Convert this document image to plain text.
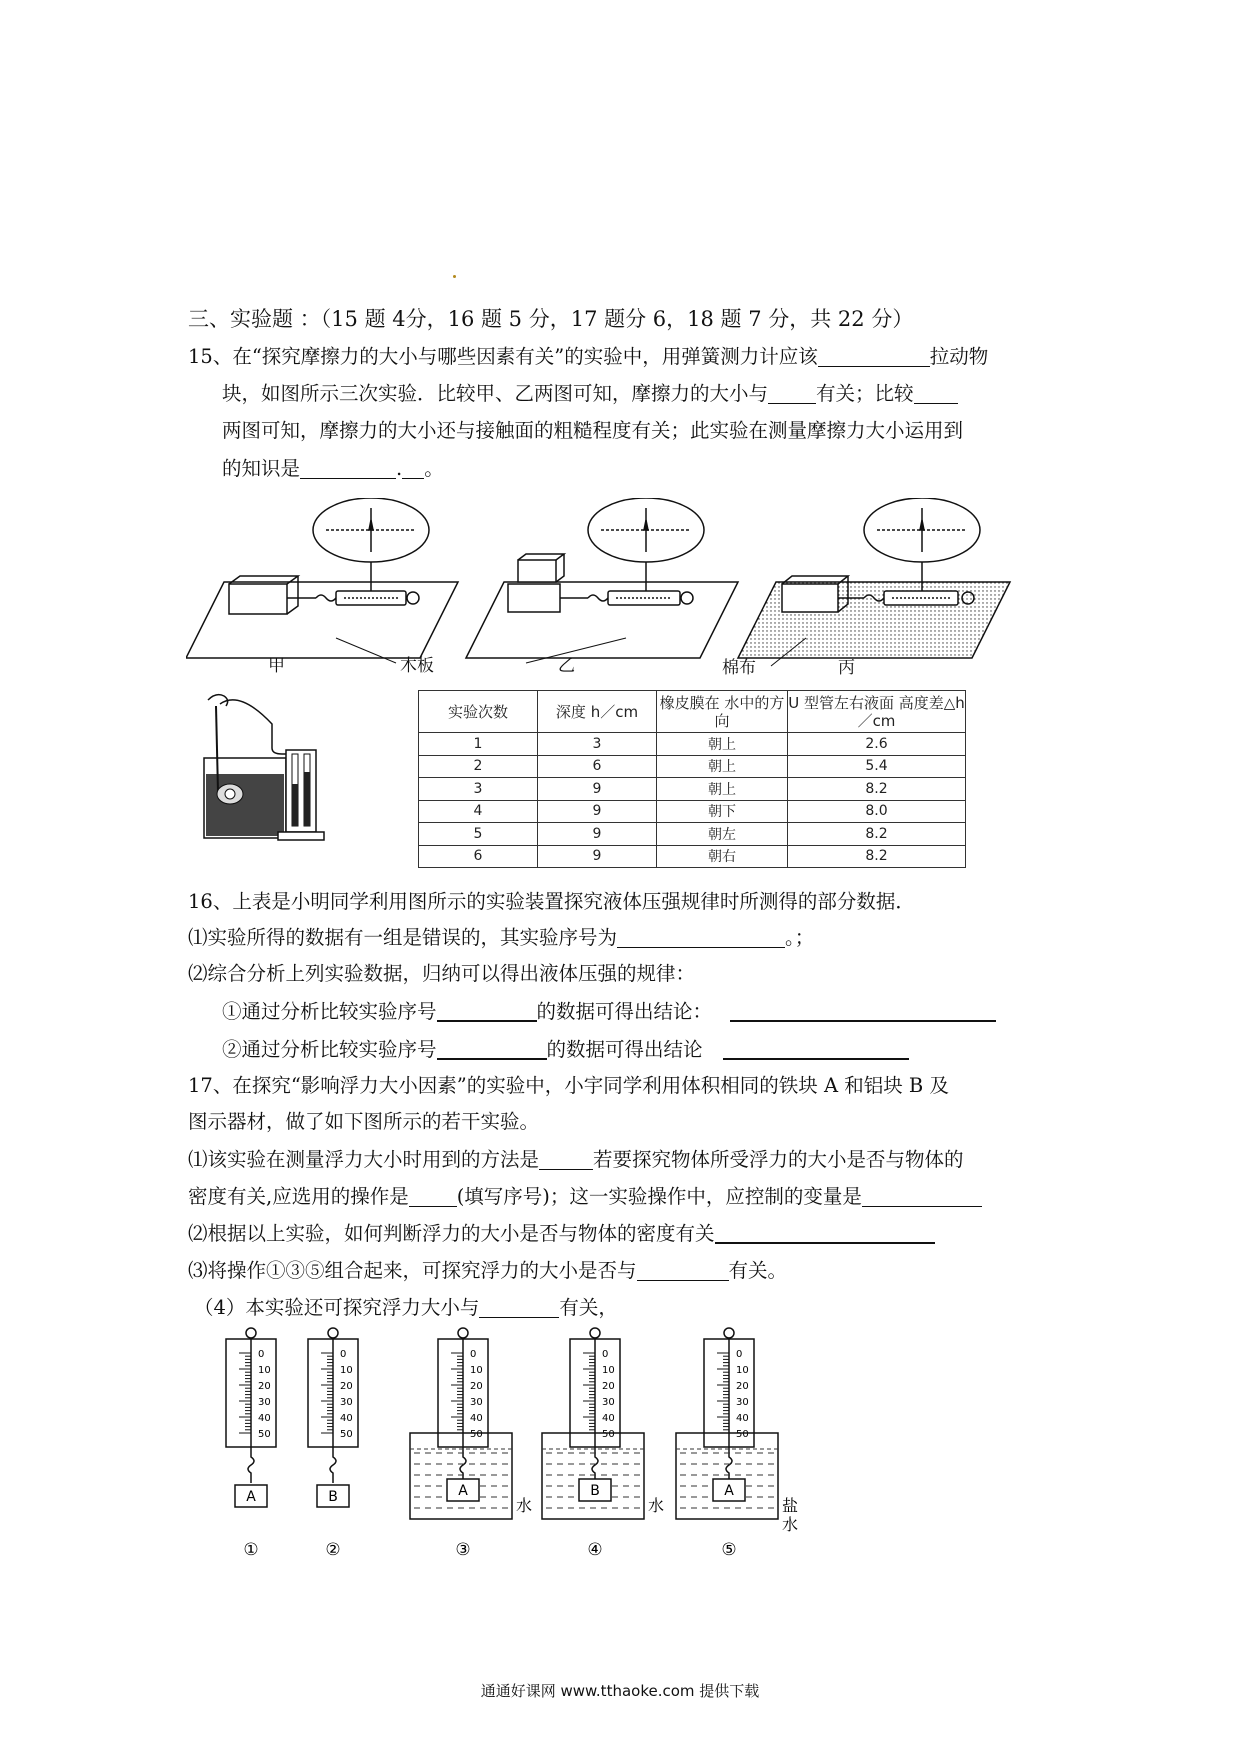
三、实验题 ：（15 题 4分，16 题 5 分，17 题分 6，18 题 7 分，共 22 分）
15、在“探究摩擦力的大小与哪些因素有关”的实验中，用弹簧测力计应该	拉动物
块，如图所示三次实验．比较甲、乙两图可知，摩擦力的大小与 有关；比较
两图可知，摩擦力的大小还与接触面的粗糙程度有关；此实验在测量摩擦力大小运用到
的知识是	. 。
甲	木板	乙	棉布	丙
实验次数	深度 h／cm	橡皮膜在 水中的方向	U 型管左右液面 高度差△h／cm
1	3	朝上	2.6
2	6	朝上	5.4
3	9	朝上	8.2
4	9	朝下	8.0
5	9	朝左	8.2
6	9	朝右	8.2
16、上表是小明同学利用图所示的实验装置探究液体压强规律时所测得的部分数据．
⑴实验所得的数据有一组是错误的，其实验序号为	。；
⑵综合分析上列实验数据，归纳可以得出液体压强的规律：
①通过分析比较实验序号	的数据可得出结论：
②通过分析比较实验序号	的数据可得出结论
17、在探究“影响浮力大小因素”的实验中，小宇同学利用体积相同的铁块 A 和铝块 B 及
图示器材，做了如下图所示的若干实验。
⑴该实验在测量浮力大小时用到的方法是	若要探究物体所受浮力的大小是否与物体的
密度有关,应选用的操作是 (填写序号)；这一实验操作中，应控制的变量是
⑵根据以上实验，如何判断浮力的大小是否与物体的密度有关
⑶将操作①③⑤组合起来，可探究浮力的大小是否与	有关。
（4）本实验还可探究浮力大小与	有关，
0
10
20
30
40
50
A
①
0
10
20
30
40
50
B
②
0
10
20
30
40
50
A
③
水
0
10
20
30
40
50
B
④
水
0
10
20
30
40
50
A
⑤
盐
水
通通好课网 www.tthaoke.com 提供下载
